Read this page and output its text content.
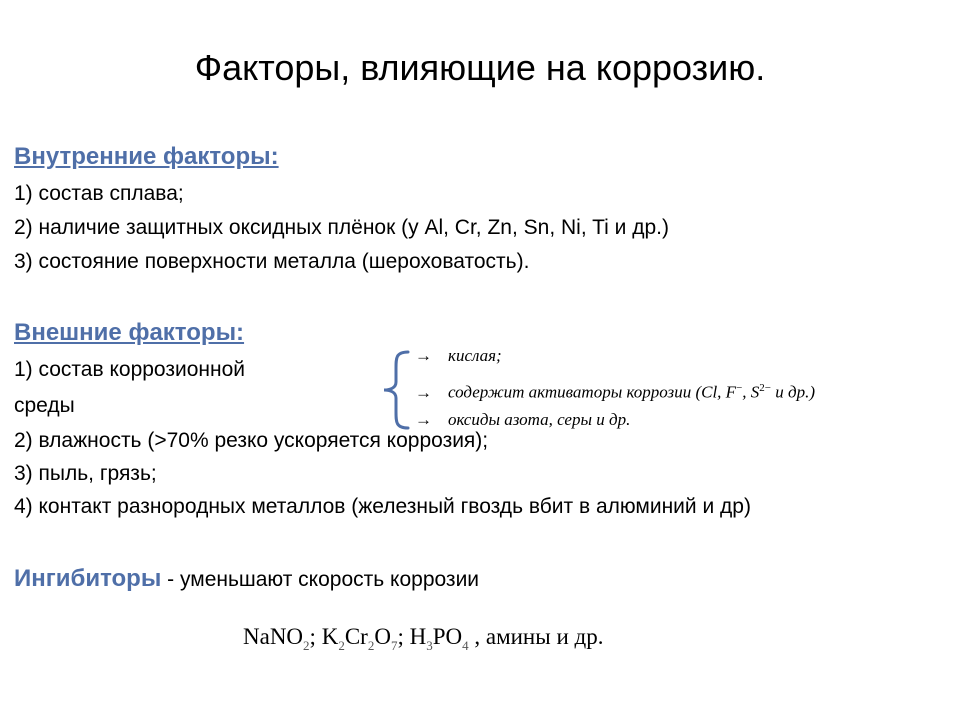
Факторы, влияющие на коррозию.
Внутренние факторы:
1) состав сплава;
2) наличие защитных оксидных плёнок (у Al, Cr, Zn, Sn, Ni, Ti и др.)
3) состояние поверхности металла (шероховатость).
Внешние факторы:
1) состав коррозионной
среды
2) влажность (>70% резко ускоряется коррозия);
3) пыль, грязь;
4) контакт разнородных металлов (железный гвоздь вбит в алюминий и др)
→ кислая;
→ содержит активаторы коррозии (Cl, F−, $S^{2-}$ и др.)
→ оксиды азота, серы и др.
Ингибиторы - уменьшают скорость коррозии
NaNO$_2$; $K_2Cr_2O_7$; $H_3PO_4$ , амины и др.
